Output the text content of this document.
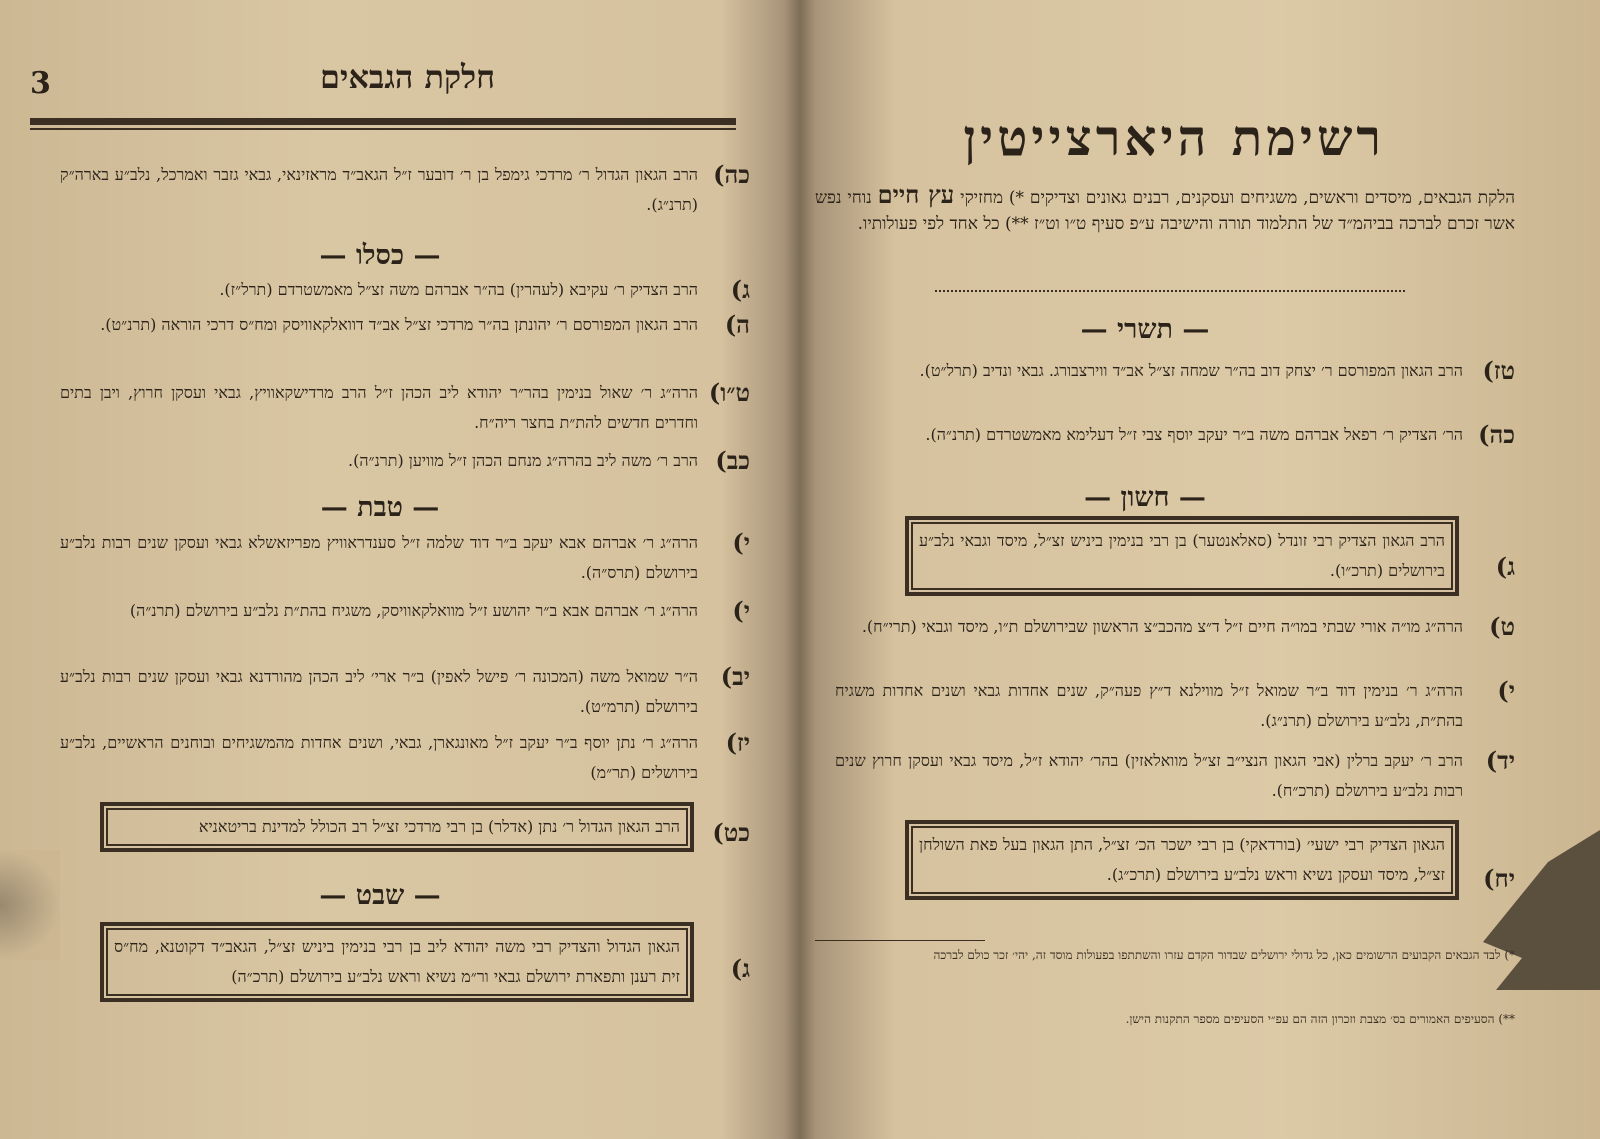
3	חלקת הגבאים
כה)
הרב הגאון הגדול ר׳ מרדכי גימפל בן ר׳ דובער ז״ל הגאב״ד מראזינאי, גבאי גזבר ואמרכל, נלב״ע בארה״ק (תרנ״ג).
— כסלו —
ג)
הרב הצדיק ר׳ עקיבא (לעהרין) בה״ר אברהם משה זצ״ל מאמשטרדם (תרל״ז).
ה)
הרב הגאון המפורסם ר׳ יהונתן בה״ר מרדכי זצ״ל אב״ד דוואלקאוויסק ומח״ס דרכי הוראה (תרנ״ט).
ט״ו)
הרה״ג ר׳ שאול בנימין בהר״ר יהודא ליב הכהן ז״ל הרב מרדישקאוויץ, גבאי ועסקן חרוץ, ויבן בתים וחדרים חדשים להת״ת בחצר ריה״ח.
כב)
הרב ר׳ משה ליב בהרה״ג מנחם הכהן ז״ל מוויען (תרנ״ה).
— טבת —
י)
הרה״ג ר׳ אברהם אבא יעקב ב״ר דוד שלמה ז״ל סענדראוויץ מפריזאשלא גבאי ועסקן שנים רבות נלב״ע בירושלם (תרס״ה).
י)
הרה״ג ר׳ אברהם אבא ב״ר יהושע ז״ל מוואלקאוויסק, משגיח בהת״ת נלב״ע בירושלם (תרנ״ה)
יב)
ה״ר שמואל משה (המכונה ר׳ פישל לאפין) ב״ר ארי׳ ליב הכהן מהורדנא גבאי ועסקן שנים רבות נלב״ע בירושלם (תרמ״ט).
יז)
הרה״ג ר׳ נתן יוסף ב״ר יעקב ז״ל מאונגארן, גבאי, ושנים אחדות מהמשגיחים ובוחנים הראשיים, נלב״ע בירושלים (תר״מ)
כט)
הרב הגאון הגדול ר׳ נתן (אדלר) בן רבי מרדכי זצ״ל רב הכולל למדינת בריטאניא
— שבט —
ג)
הגאון הגדול והצדיק רבי משה יהודא ליב בן רבי בנימין ביניש זצ״ל, הגאב״ד דקוטנא, מח״ס זית רענן ותפארת ירושלם גבאי ור״מ נשיא וראש נלב״ע בירושלם (תרכ״ה)
רשימת היארצייטין
הלקת הגבאים, מיסדים וראשים, משגיחים ועסקנים, רבנים גאונים וצדיקים *) מחזיקי עץ חיים נוחי נפש אשר זכרם לברכה בביהמ״ד של התלמוד תורה והישיבה ע״פ סעיף ט״ו וט״ז **) כל אחד לפי פעולותיו.
— תשרי —
טז)
הרב הגאון המפורסם ר׳ יצחק דוב בה״ר שמחה זצ״ל אב״ד ווירצבורג. גבאי ונדיב (תרל״ט).
כה)
הר׳ הצדיק ר׳ רפאל אברהם משה ב״ר יעקב יוסף צבי ז״ל דעלימא מאמשטרדם (תרנ״ה).
— חשון —
ג)
הרב הגאון הצדיק רבי זונדל (סאלאנטער) בן רבי בנימין ביניש זצ״ל, מיסד וגבאי נלב״ע בירושלים (תרכ״ו).
ט)
הרה״ג מו״ה אורי שבתי במו״ה חיים ז״ל ד״צ מהכב״צ הראשון שבירושלם ת״ו, מיסד וגבאי (תרי״ח).
י)
הרה״ג ר׳ בנימין דוד ב״ר שמואל ז״ל מווילנא ד״ץ פעה״ק, שנים אחדות גבאי ושנים אחדות משגיח בהת״ת, נלב״ע בירושלם (תרנ״ג).
יד)
הרב ר׳ יעקב ברלין (אבי הגאון הנצי״ב זצ״ל מוואלאזין) בהר׳ יהודא ז״ל, מיסד גבאי ועסקן חרוץ שנים רבות נלב״ע בירושלם (תרכ״ח).
יח)
הגאון הצדיק רבי ישעי׳ (בורדאקי) בן רבי ישכר הכ׳ זצ״ל, התן הגאון בעל פאת השולחן זצ״ל, מיסד ועסקן נשיא וראש נלב״ע בירושלם (תרכ״ג).
*) לבד הגבאים הקבועים הרשומים כאן, כל גדולי ירושלים שבדור הקדם עזרו והשתתפו בפעולות מוסד זה, יהי׳ זכר כולם לברכה
**) הסעיפים האמורים בס׳ מצבת וזכרון הזה הם עפ״י הסעיפים מספר התקנות הישן.
